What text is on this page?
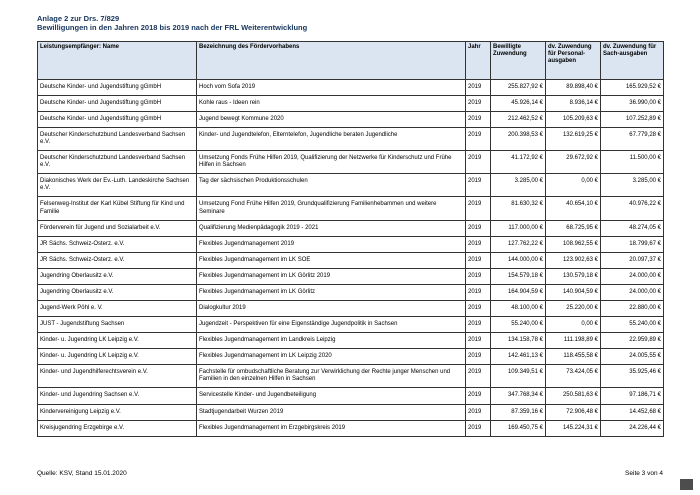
Anlage 2 zur Drs. 7/829
Bewilligungen in den Jahren 2018 bis 2019 nach der FRL Weiterentwicklung
Leistungsempfänger: Name	Bezeichnung des Fördervorhabens	Jahr	Bewilligte Zuwendung	dv. Zuwendung für Personal-ausgaben	dv. Zuwendung für Sach-ausgaben
Deutsche Kinder- und Jugendstiftung gGmbH	Hoch vom Sofa 2019	2019	255.827,92 €	89.898,40 €	165.929,52 €
Deutsche Kinder- und Jugendstiftung gGmbH	Kohle raus - Ideen rein	2019	45.926,14 €	8.936,14 €	36.990,00 €
Deutsche Kinder- und Jugendstiftung gGmbH	Jugend bewegt Kommune 2020	2019	212.462,52 €	105.209,63 €	107.252,89 €
Deutscher Kinderschutzbund Landesverband Sachsen e.V.	Kinder- und Jugendtelefon, Elterntelefon, Jugendliche beraten Jugendliche	2019	200.398,53 €	132.619,25 €	67.779,28 €
Deutscher Kinderschutzbund Landesverband Sachsen e.V.	Umsetzung Fonds Frühe Hilfen 2019, Qualifizierung der Netzwerke für Kinderschutz und Frühe Hilfen in Sachsen	2019	41.172,92 €	29.672,92 €	11.500,00 €
Diakonisches Werk der Ev.-Luth. Landeskirche Sachsen e.V.	Tag der sächsischen Produktionsschulen	2019	3.285,00 €	0,00 €	3.285,00 €
Felsenweg-Institut der Karl Kübel Stiftung für Kind und Familie	Umsetzung Fond Frühe Hilfen 2019, Grundqualifizierung Familienhebammen und weitere Seminare	2019	81.630,32 €	40.654,10 €	40.976,22 €
Förderverein für Jugend und Sozialarbeit e.V.	Qualifizierung Medienpädagogik 2019 - 2021	2019	117.000,00 €	68.725,95 €	48.274,05 €
JR Sächs. Schweiz-Osterz. e.V.	Flexibles Jugendmanagement 2019	2019	127.762,22 €	108.962,55 €	18.799,67 €
JR Sächs. Schweiz-Osterz. e.V.	Flexibles Jugendmanagement im LK SOE	2019	144.000,00 €	123.902,63 €	20.097,37 €
Jugendring Oberlausitz e.V.	Flexibles Jugendmanagement im LK Görlitz 2019	2019	154.579,18 €	130.579,18 €	24.000,00 €
Jugendring Oberlausitz e.V.	Flexibles Jugendmanagement im LK Görlitz	2019	164.904,59 €	140.904,59 €	24.000,00 €
Jugend-Werk Pöhl e. V.	Dialogkultur 2019	2019	48.100,00 €	25.220,00 €	22.880,00 €
JUST - Jugendstiftung Sachsen	Jugendzeit - Perspektiven für eine Eigenständige Jugendpolitik in Sachsen	2019	55.240,00 €	0,00 €	55.240,00 €
Kinder- u. Jugendring LK Leipzig e.V.	Flexibles Jugendmanagement im Landkreis Leipzig	2019	134.158,78 €	111.198,89 €	22.959,89 €
Kinder- u. Jugendring LK Leipzig e.V.	Flexibles Jugendmanagement im LK Leipzig 2020	2019	142.461,13 €	118.455,58 €	24.005,55 €
Kinder- und Jugendhilferechtsverein e.V.	Fachstelle für ombudschaftliche Beratung zur Verwirklichung der Rechte junger Menschen und Familien in den einzelnen Hilfen in Sachsen	2019	109.349,51 €	73.424,05 €	35.925,46 €
Kinder- und Jugendring Sachsen e.V.	Servicestelle Kinder- und Jugendbeteiligung	2019	347.768,34 €	250.581,63 €	97.186,71 €
Kindervereinigung Leipzig e.V.	Stadtjugendarbeit Wurzen 2019	2019	87.359,16 €	72.906,48 €	14.452,68 €
Kreisjugendring Erzgebirge e.V.	Flexibles Jugendmanagement im Erzgebirgskreis 2019	2019	169.450,75 €	145.224,31 €	24.226,44 €
Quelle: KSV, Stand 15.01.2020	Seite 3 von 4
